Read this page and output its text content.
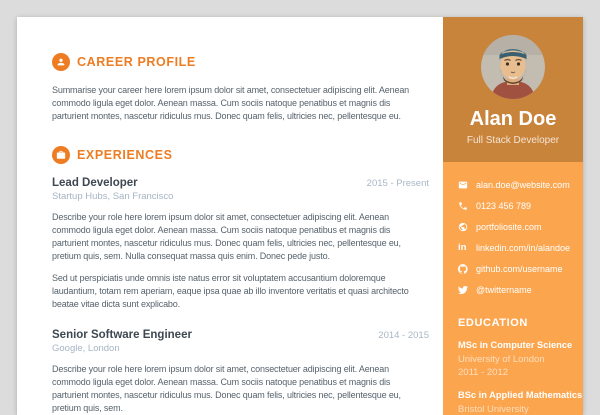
CAREER PROFILE

Summarise your career here lorem ipsum dolor sit amet, consectetuer adipiscing elit. Aenean commodo ligula eget dolor. Aenean massa. Cum sociis natoque penatibus et magnis dis parturient montes, nascetur ridiculus mus. Donec quam felis, ultricies nec, pellentesque eu.

EXPERIENCES
Lead Developer	2015 - Present
Startup Hubs, San Francisco

Describe your role here lorem ipsum dolor sit amet, consectetuer adipiscing elit. Aenean commodo ligula eget dolor. Aenean massa. Cum sociis natoque penatibus et magnis dis parturient montes, nascetur ridiculus mus. Donec quam felis, ultricies nec, pellentesque eu, pretium quis, sem. Nulla consequat massa quis enim. Donec pede justo.

Sed ut perspiciatis unde omnis iste natus error sit voluptatem accusantium doloremque laudantium, totam rem aperiam, eaque ipsa quae ab illo inventore veritatis et quasi architecto beatae vitae dicta sunt explicabo.

Senior Software Engineer	2014 - 2015
Google, London

Describe your role here lorem ipsum dolor sit amet, consectetuer adipiscing elit. Aenean commodo ligula eget dolor. Aenean massa. Cum sociis natoque penatibus et magnis dis parturient montes, nascetur ridiculus mus. Donec quam felis, ultricies nec, pellentesque eu, pretium quis, sem.

Alan Doe
Full Stack Developer
alan.doe@website.com
0123 456 789
portfoliosite.com
in linkedin.com/in/alandoe
github.com/username
@twittername
EDUCATION
MSc in Computer Science
University of London
2011 - 2012
BSc in Applied Mathematics
Bristol University
